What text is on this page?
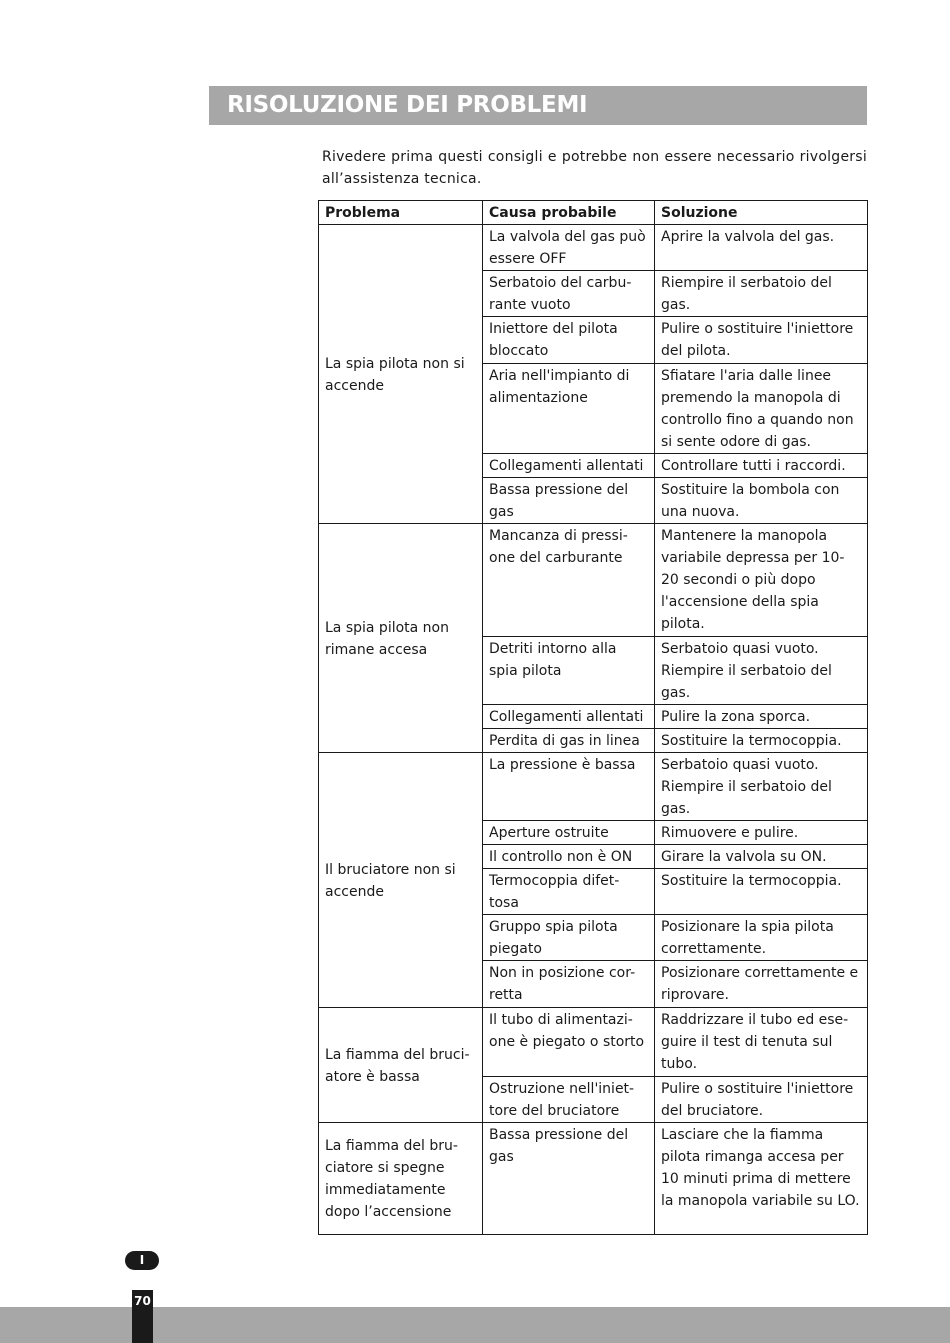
RISOLUZIONE DEI PROBLEMI

Rivedere prima questi consigli e potrebbe non essere necessario rivolgersi all’assistenza tecnica.

Problema	Causa probabile	Soluzione
La spia pilota non si accende	La valvola del gas può essere OFF	Aprire la valvola del gas.
	Serbatoio del carbu-rante vuoto	Riempire il serbatoio del gas.
	Iniettore del pilota bloccato	Pulire o sostituire l'iniettore del pilota.
	Aria nell'impianto di alimentazione	Sfiatare l'aria dalle linee premendo la manopola di controllo fino a quando non si sente odore di gas.
	Collegamenti allentati	Controllare tutti i raccordi.
	Bassa pressione del gas	Sostituire la bombola con una nuova.
La spia pilota non rimane accesa	Mancanza di pressi-one del carburante	Mantenere la manopola variabile depressa per 10-20 secondi o più dopo l'accensione della spia pilota.
	Detriti intorno alla spia pilota	Serbatoio quasi vuoto. Riempire il serbatoio del gas.
	Collegamenti allentati	Pulire la zona sporca.
	Perdita di gas in linea	Sostituire la termocoppia.
Il bruciatore non si accende	La pressione è bassa	Serbatoio quasi vuoto. Riempire il serbatoio del gas.
	Aperture ostruite	Rimuovere e pulire.
	Il controllo non è ON	Girare la valvola su ON.
	Termocoppia difet-tosa	Sostituire la termocoppia.
	Gruppo spia pilota piegato	Posizionare la spia pilota correttamente.
	Non in posizione cor-retta	Posizionare correttamente e riprovare.
La fiamma del bruci-atore è bassa	Il tubo di alimentazi-one è piegato o storto	Raddrizzare il tubo ed ese-guire il test di tenuta sul tubo.
	Ostruzione nell'iniet-tore del bruciatore	Pulire o sostituire l'iniettore del bruciatore.
La fiamma del bru-ciatore si spegne immediatamente dopo l’accensione	Bassa pressione del gas	Lasciare che la fiamma pilota rimanga accesa per 10 minuti prima di mettere la manopola variabile su LO.
I
70
